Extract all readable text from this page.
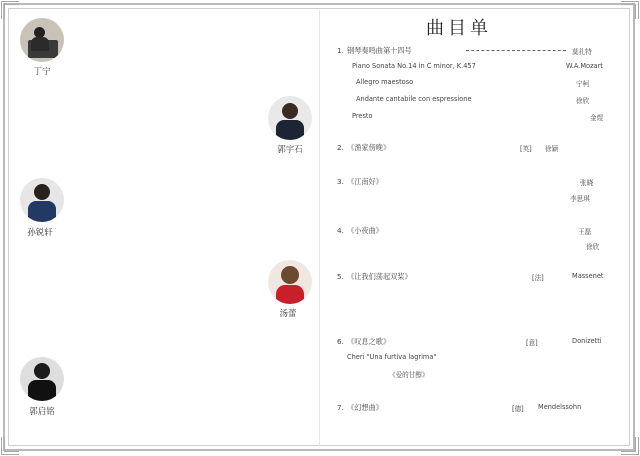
丁宁
郭宇石
孙锐轩
汤蕾
郭启铭
曲目单
1. 钢琴奏鸣曲第十四号	莫扎特
Piano Sonata No.14 in C minor, K.457	W.A.Mozart
Allegro maestoso	宁柯
Andante cantabile con espressione	徐欣
Presto	金煜
2. 《渔家傍晚》	[英] 徐颖
3. 《江南好》	张晓
李思琪
4. 《小夜曲》	王磊
徐欣
5. 《让我们荡起双桨》	[法]	Massenet
6. 《叹息之歌》	[意]	Donizetti
Cheri "Una furtiva lagrima"
《爱的甘醇》
7. 《幻想曲》	[德] Mendelssohn
